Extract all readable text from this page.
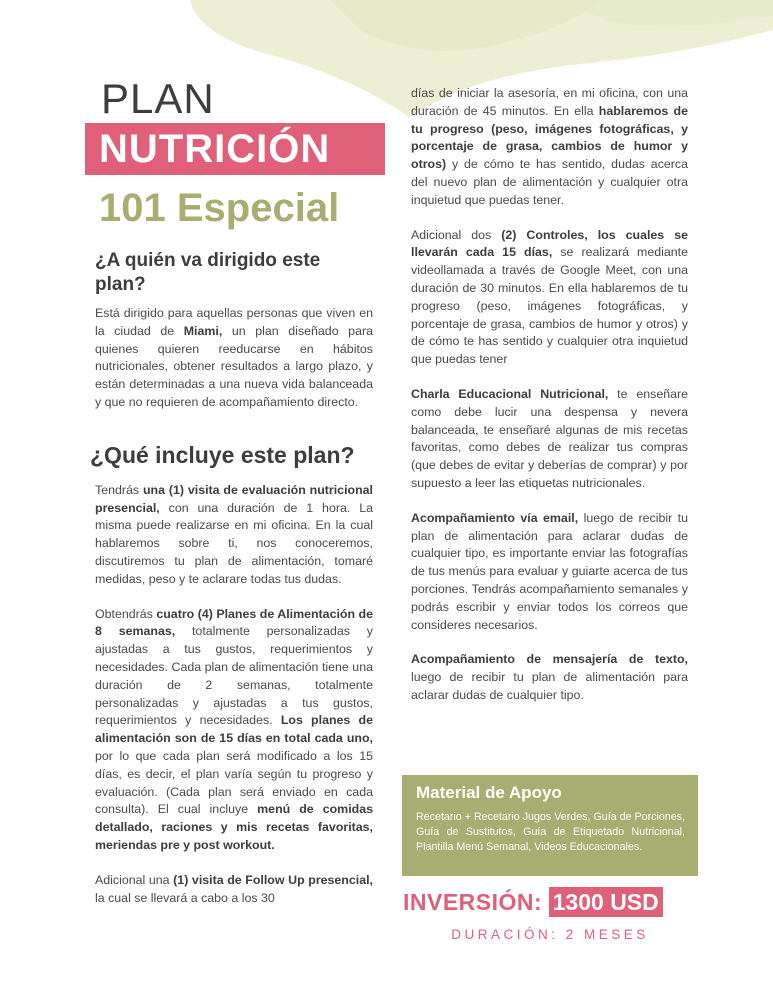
PLAN
NUTRICIÓN
101 Especial
¿A quién va dirigido este plan?

Está dirigido para aquellas personas que viven en la ciudad de Miami, un plan diseñado para quienes quieren reeducarse en hábitos nutricionales, obtener resultados a largo plazo, y están determinadas a una nueva vida balanceada y que no requieren de acompañamiento directo.

¿Qué incluye este plan?

Tendrás una (1) visita de evaluación nutricional presencial, con una duración de 1 hora. La misma puede realizarse en mi oficina. En la cual hablaremos sobre ti, nos conoceremos, discutiremos tu plan de alimentación, tomaré medidas, peso y te aclarare todas tus dudas.

Obtendrás cuatro (4) Planes de Alimentación de 8 semanas, totalmente personalizadas y ajustadas a tus gustos, requerimientos y necesidades. Cada plan de alimentación tiene una duración de 2 semanas, totalmente personalizadas y ajustadas a tus gustos, requerimientos y necesidades. Los planes de alimentación son de 15 días en total cada uno, por lo que cada plan será modificado a los 15 días, es decir, el plan varía según tu progreso y evaluación. (Cada plan será enviado en cada consulta). El cual incluye menú de comidas detallado, raciones y mis recetas favoritas, meriendas pre y post workout.

Adicional una (1) visita de Follow Up presencial, la cual se llevará a cabo a los 30

días de iniciar la asesoría, en mi oficina, con una duración de 45 minutos. En ella hablaremos de tu progreso (peso, imágenes fotográficas, y porcentaje de grasa, cambios de humor y otros) y de cómo te has sentido, dudas acerca del nuevo plan de alimentación y cualquier otra inquietud que puedas tener.

Adicional dos (2) Controles, los cuales se llevarán cada 15 días, se realizará mediante videollamada a través de Google Meet, con una duración de 30 minutos. En ella hablaremos de tu progreso (peso, imágenes fotográficas, y porcentaje de grasa, cambios de humor y otros) y de cómo te has sentido y cualquier otra inquietud que puedas tener

Charla Educacional Nutricional, te enseñare como debe lucir una despensa y nevera balanceada, te enseñaré algunas de mis recetas favoritas, como debes de realizar tus compras (que debes de evitar y deberías de comprar) y por supuesto a leer las etiquetas nutricionales.

Acompañamiento vía email, luego de recibir tu plan de alimentación para aclarar dudas de cualquier tipo, es importante enviar las fotografías de tus menús para evaluar y guiarte acerca de tus porciones. Tendrás acompañamiento semanales y podrás escribir y enviar todos los correos que consideres necesarios.

Acompañamiento de mensajería de texto, luego de recibir tu plan de alimentación para aclarar dudas de cualquier tipo.

Material de Apoyo

Recetario + Recetario Jugos Verdes, Guía de Porciones, Guía de Sustitutos, Guía de Etiquetado Nutricional, Plantilla Menú Semanal, Videos Educacionales.

INVERSIÓN: 1300 USD
DURACIÓN: 2 MESES
